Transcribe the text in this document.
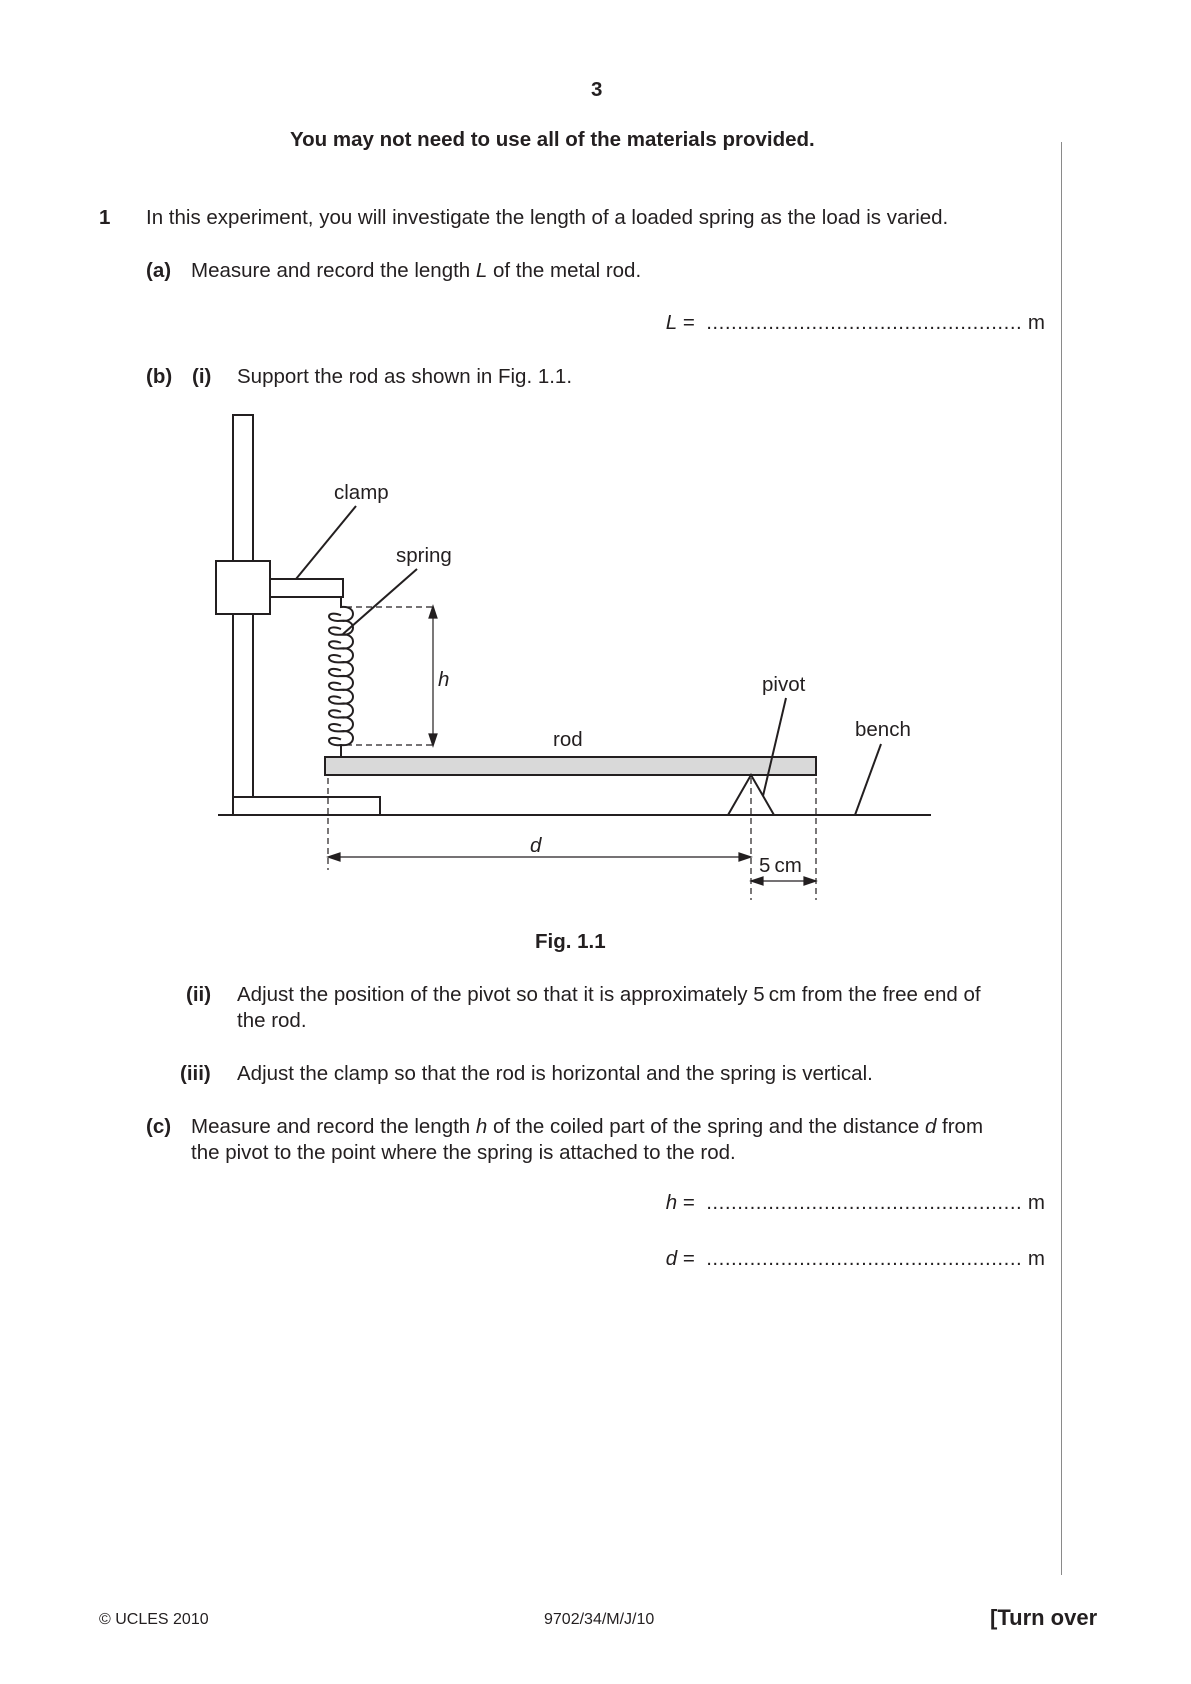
3
You may not need to use all of the materials provided.
1 In this experiment, you will investigate the length of a loaded spring as the load is varied.
(a) Measure and record the length L of the metal rod.
L = ................................................... m
(b) (i) Support the rod as shown in Fig. 1.1.
clamp
spring
h	pivot
bench
rod
d
5 cm
Fig. 1.1
(ii) Adjust the position of the pivot so that it is approximately 5 cm from the free end of
the rod.
(iii) Adjust the clamp so that the rod is horizontal and the spring is vertical.
(c) Measure and record the length h of the coiled part of the spring and the distance d from
the pivot to the point where the spring is attached to the rod.
h = ................................................... m
d = ................................................... m
© UCLES 2010	9702/34/M/J/10	[Turn over
